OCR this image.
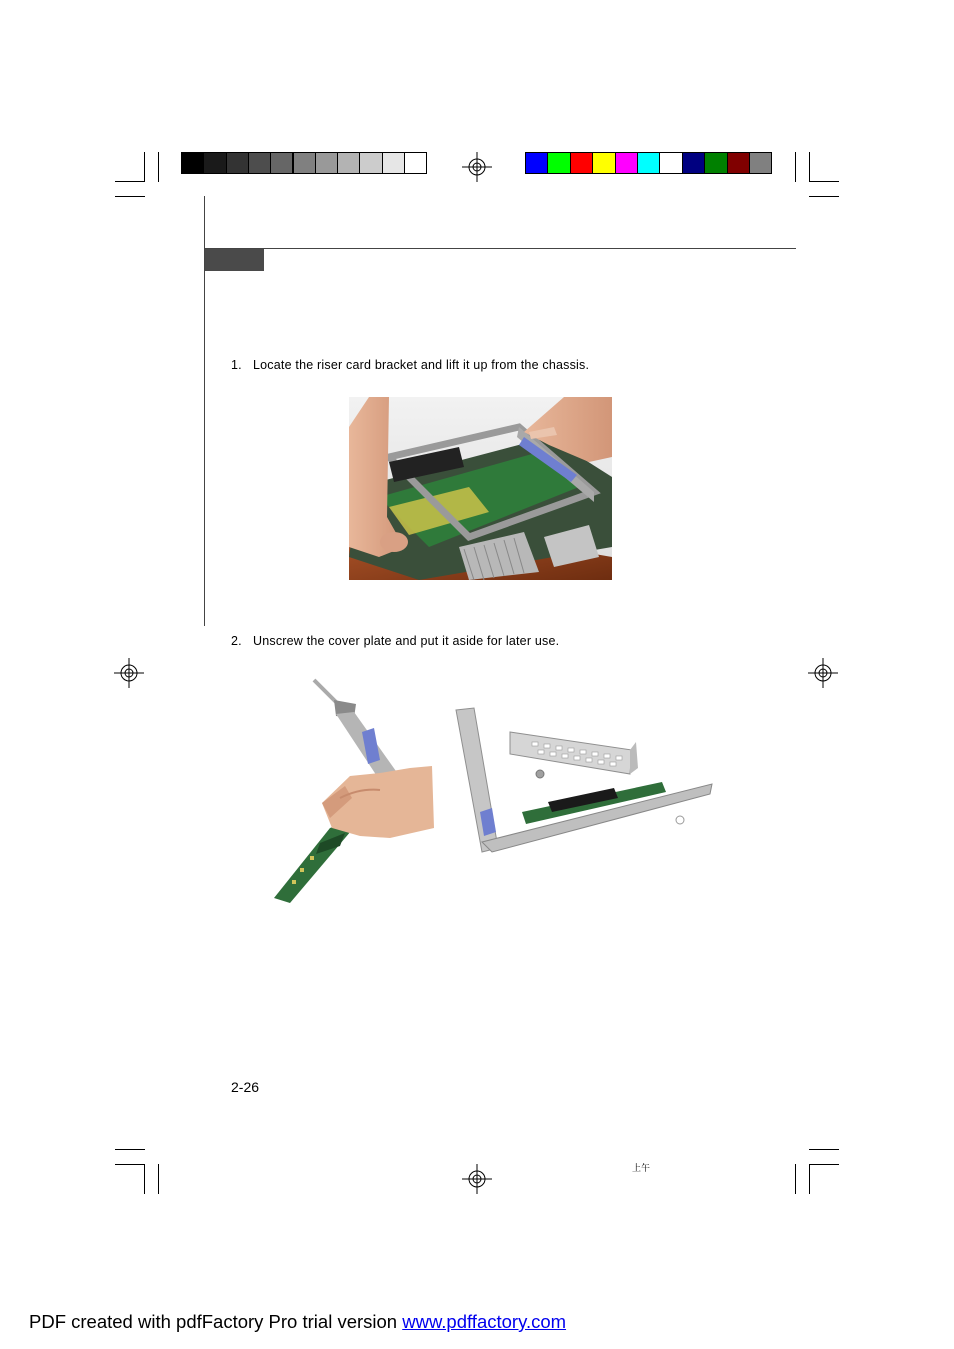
1. Locate the riser card bracket and lift it up from the chassis.
2. Unscrew the cover plate and put it aside for later use.
2-26
上午
PDF created with pdfFactory Pro trial version www.pdffactory.com
